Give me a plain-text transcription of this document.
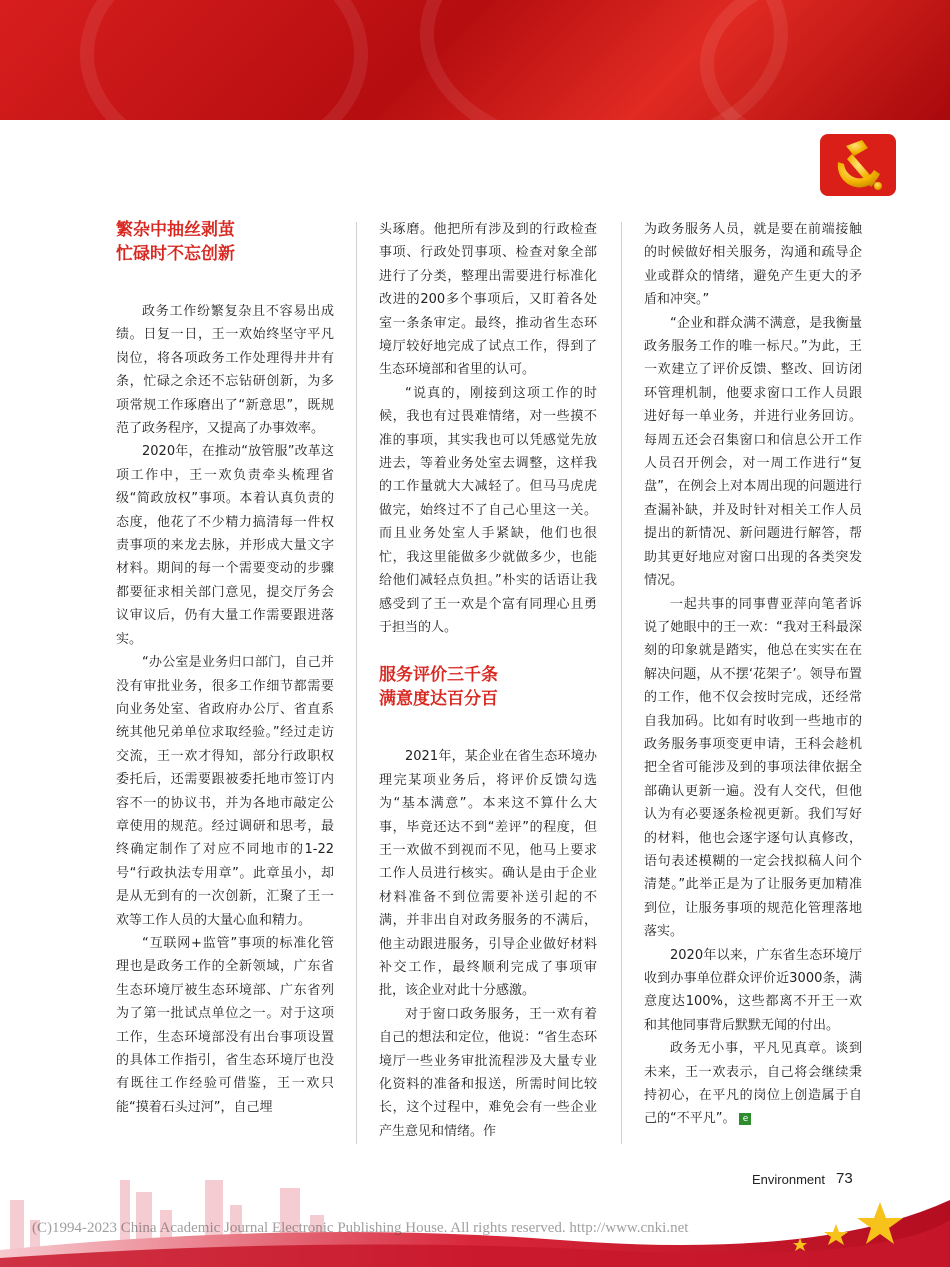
繁杂中抽丝剥茧
忙碌时不忘创新

政务工作纷繁复杂且不容易出成绩。日复一日，王一欢始终坚守平凡岗位，将各项政务工作处理得井井有条，忙碌之余还不忘钻研创新，为多项常规工作琢磨出了“新意思”，既规范了政务程序，又提高了办事效率。

2020年，在推动“放管服”改革这项工作中，王一欢负责牵头梳理省级“简政放权”事项。本着认真负责的态度，他花了不少精力搞清每一件权责事项的来龙去脉，并形成大量文字材料。期间的每一个需要变动的步骤都要征求相关部门意见，提交厅务会议审议后，仍有大量工作需要跟进落实。

“办公室是业务归口部门，自己并没有审批业务，很多工作细节都需要向业务处室、省政府办公厅、省直系统其他兄弟单位求取经验。”经过走访交流，王一欢才得知，部分行政职权委托后，还需要跟被委托地市签订内容不一的协议书，并为各地市敲定公章使用的规范。经过调研和思考，最终确定制作了对应不同地市的1-22号“行政执法专用章”。此章虽小，却是从无到有的一次创新，汇聚了王一欢等工作人员的大量心血和精力。

“互联网+监管”事项的标准化管理也是政务工作的全新领域，广东省生态环境厅被生态环境部、广东省列为了第一批试点单位之一。对于这项工作，生态环境部没有出台事项设置的具体工作指引，省生态环境厅也没有既往工作经验可借鉴，王一欢只能“摸着石头过河”，自己埋

头琢磨。他把所有涉及到的行政检查事项、行政处罚事项、检查对象全部进行了分类，整理出需要进行标准化改进的200多个事项后，又盯着各处室一条条审定。最终，推动省生态环境厅较好地完成了试点工作，得到了生态环境部和省里的认可。

“说真的，刚接到这项工作的时候，我也有过畏难情绪，对一些摸不准的事项，其实我也可以凭感觉先放进去，等着业务处室去调整，这样我的工作量就大大减轻了。但马马虎虎做完，始终过不了自己心里这一关。而且业务处室人手紧缺，他们也很忙，我这里能做多少就做多少，也能给他们减轻点负担。”朴实的话语让我感受到了王一欢是个富有同理心且勇于担当的人。

服务评价三千条
满意度达百分百

2021年，某企业在省生态环境办理完某项业务后，将评价反馈勾选为“基本满意”。本来这不算什么大事，毕竟还达不到“差评”的程度，但王一欢做不到视而不见，他马上要求工作人员进行核实。确认是由于企业材料准备不到位需要补送引起的不满，并非出自对政务服务的不满后，他主动跟进服务，引导企业做好材料补交工作，最终顺利完成了事项审批，该企业对此十分感激。

对于窗口政务服务，王一欢有着自己的想法和定位，他说：“省生态环境厅一些业务审批流程涉及大量专业化资料的准备和报送，所需时间比较长，这个过程中，难免会有一些企业产生意见和情绪。作

为政务服务人员，就是要在前端接触的时候做好相关服务，沟通和疏导企业或群众的情绪，避免产生更大的矛盾和冲突。”

“企业和群众满不满意，是我衡量政务服务工作的唯一标尺。”为此，王一欢建立了评价反馈、整改、回访闭环管理机制，他要求窗口工作人员跟进好每一单业务，并进行业务回访。每周五还会召集窗口和信息公开工作人员召开例会，对一周工作进行“复盘”，在例会上对本周出现的问题进行查漏补缺，并及时针对相关工作人员提出的新情况、新问题进行解答，帮助其更好地应对窗口出现的各类突发情况。

一起共事的同事曹亚萍向笔者诉说了她眼中的王一欢：“我对王科最深刻的印象就是踏实，他总在实实在在解决问题，从不摆‘花架子’。领导布置的工作，他不仅会按时完成，还经常自我加码。比如有时收到一些地市的政务服务事项变更申请，王科会趁机把全省可能涉及到的事项法律依据全部确认更新一遍。没有人交代，但他认为有必要逐条检视更新。我们写好的材料，他也会逐字逐句认真修改，语句表述模糊的一定会找拟稿人问个清楚。”此举正是为了让服务更加精准到位，让服务事项的规范化管理落地落实。

2020年以来，广东省生态环境厅收到办事单位群众评价近3000条，满意度达100%，这些都离不开王一欢和其他同事背后默默无闻的付出。

政务无小事，平凡见真章。谈到未来，王一欢表示，自己将会继续秉持初心，在平凡的岗位上创造属于自己的“不平凡”。 e

Environment 73
(C)1994-2023 China Academic Journal Electronic Publishing House. All rights reserved. http://www.cnki.net
